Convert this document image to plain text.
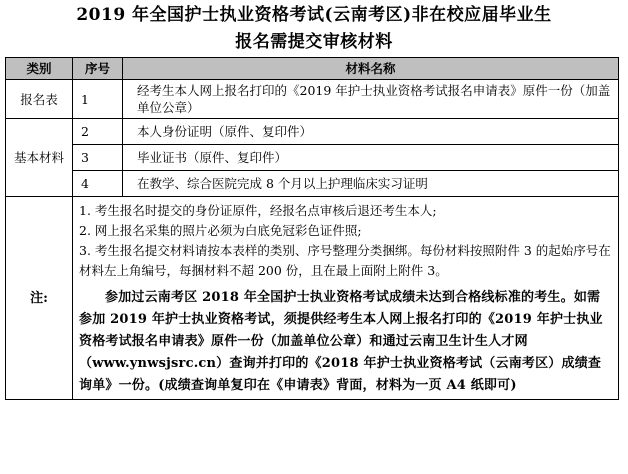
2019 年全国护士执业资格考试(云南考区)非在校应届毕业生
报名需提交审核材料
类别	序号	材料名称
报名表	1	经考生本人网上报名打印的《2019 年护士执业资格考试报名申请表》原件一份（加盖单位公章）
基本材料	2	本人身份证明（原件、复印件）
	3	毕业证书（原件、复印件）
	4	在教学、综合医院完成 8 个月以上护理临床实习证明
注:	1. 考生报名时提交的身份证原件，经报名点审核后退还考生本人;

2. 网上报名采集的照片必须为白底免冠彩色证件照;

3. 考生报名提交材料请按本表样的类别、序号整理分类捆绑。每份材料按照附件 3 的起始序号在材料左上角编号，每捆材料不超 200 份，且在最上面附上附件 3。

参加过云南考区 2018 年全国护士执业资格考试成绩未达到合格线标准的考生。如需参加 2019 年护士执业资格考试，须提供经考生本人网上报名打印的《2019 年护士执业资格考试报名申请表》原件一份（加盖单位公章）和通过云南卫生计生人才网（www.ynwsjsrc.cn）查询并打印的《2018 年护士执业资格考试（云南考区）成绩查询单》一份。(成绩查询单复印在《申请表》背面，材料为一页 A4 纸即可)	
